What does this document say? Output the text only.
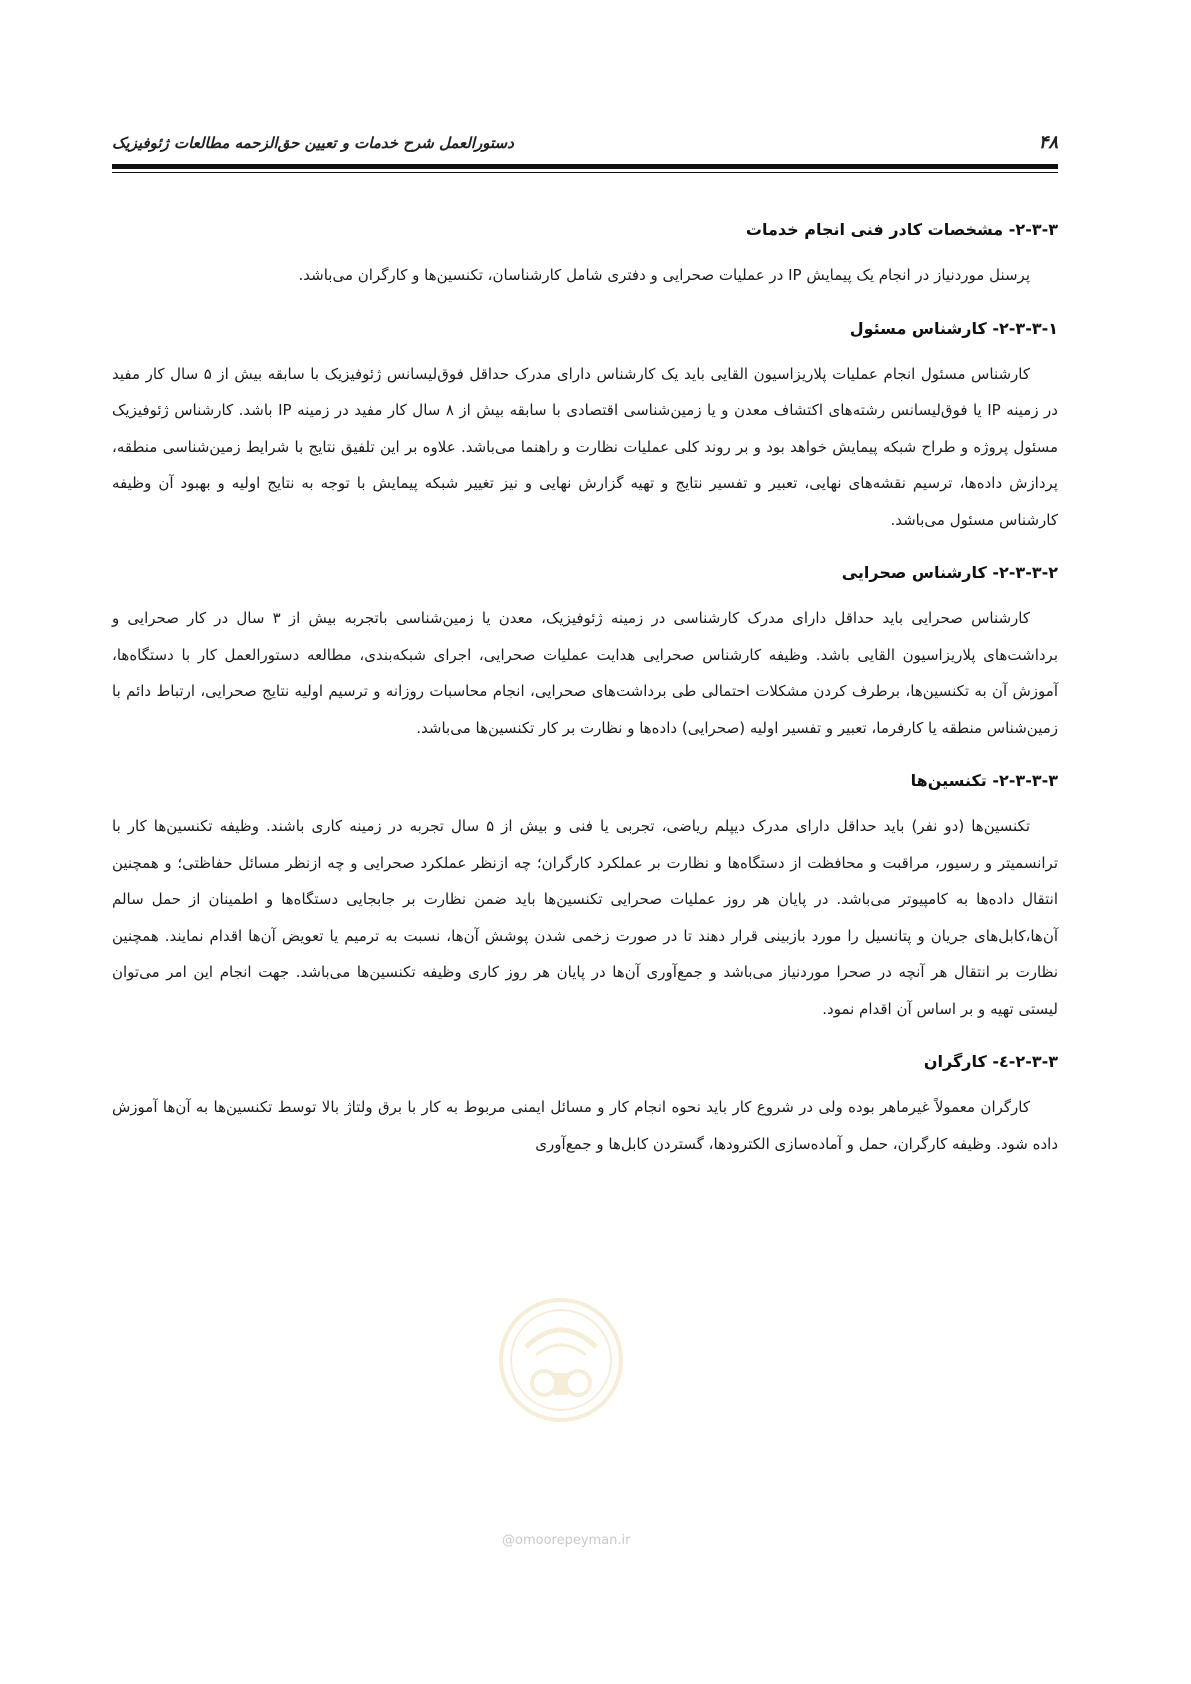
۴۸
دستورالعمل شرح خدمات و تعیین حق‌الزحمه مطالعات ژئوفیزیک
۲-۳-۳- مشخصات کادر فنی انجام خدمات

پرسنل موردنیاز در انجام یک پیمایش IP در عملیات صحرایی و دفتری شامل کارشناسان، تکنسین‌ها و کارگران می‌باشد.

۲-۳-۳-۱- کارشناس مسئول

کارشناس مسئول انجام عملیات پلاریزاسیون القایی باید یک کارشناس دارای مدرک حداقل فوق‌لیسانس ژئوفیزیک با سابقه بیش از ۵ سال کار مفید در زمینه IP یا فوق‌لیسانس رشته‌های اکتشاف معدن و یا زمین‌شناسی اقتصادی با سابقه بیش از ۸ سال کار مفید در زمینه IP باشد. کارشناس ژئوفیزیک مسئول پروژه و طراح شبکه پیمایش خواهد بود و بر روند کلی عملیات نظارت و راهنما می‌باشد. علاوه بر این تلفیق نتایج با شرایط زمین‌شناسی منطقه، پردازش داده‌ها، ترسیم نقشه‌های نهایی، تعبیر و تفسیر نتایج و تهیه گزارش نهایی و نیز تغییر شبکه پیمایش با توجه به نتایج اولیه و بهبود آن وظیفه کارشناس مسئول می‌باشد.

۲-۳-۳-۲- کارشناس صحرایی

کارشناس صحرایی باید حداقل دارای مدرک کارشناسی در زمینه ژئوفیزیک، معدن یا زمین‌شناسی باتجربه بیش از ۳ سال در کار صحرایی و برداشت‌های پلاریزاسیون القایی باشد. وظیفه کارشناس صحرایی هدایت عملیات صحرایی، اجرای شبکه‌بندی، مطالعه دستورالعمل کار با دستگاه‌ها، آموزش آن به تکنسین‌ها، برطرف کردن مشکلات احتمالی طی برداشت‌های صحرایی، انجام محاسبات روزانه و ترسیم اولیه نتایج صحرایی، ارتباط دائم با زمین‌شناس منطقه یا کارفرما، تعبیر و تفسیر اولیه (صحرایی) داده‌ها و نظارت بر کار تکنسین‌ها می‌باشد.

۲-۳-۳-۳- تکنسین‌ها

تکنسین‌ها (دو نفر) باید حداقل دارای مدرک دیپلم ریاضی، تجربی یا فنی و بیش از ۵ سال تجربه در زمینه کاری باشند. وظیفه تکنسین‌ها کار با ترانسمیتر و رسیور، مراقبت و محافظت از دستگاه‌ها و نظارت بر عملکرد کارگران؛ چه ازنظر عملکرد صحرایی و چه ازنظر مسائل حفاظتی؛ و همچنین انتقال داده‌ها به کامپیوتر می‌باشد. در پایان هر روز عملیات صحرایی تکنسین‌ها باید ضمن نظارت بر جابجایی دستگاه‌ها و اطمینان از حمل سالم آن‌ها،کابل‌های جریان و پتانسیل را مورد بازبینی قرار دهند تا در صورت زخمی شدن پوشش آن‌ها، نسبت به ترمیم یا تعویض آن‌ها اقدام نمایند. همچنین نظارت بر انتقال هر آنچه در صحرا موردنیاز می‌باشد و جمع‌آوری آن‌ها در پایان هر روز کاری وظیفه تکنسین‌ها می‌باشد. جهت انجام این امر می‌توان لیستی تهیه و بر اساس آن اقدام نمود.

۲-۳-۳-٤- کارگران

کارگران معمولاً غیرماهر بوده ولی در شروع کار باید نحوه انجام کار و مسائل ایمنی مربوط به کار با برق ولتاژ بالا توسط تکنسین‌ها به آن‌ها آموزش داده شود. وظیفه کارگران، حمل و آماده‌سازی الکترودها، گستردن کابل‌ها و جمع‌آوری

@omoorepeyman.ir
